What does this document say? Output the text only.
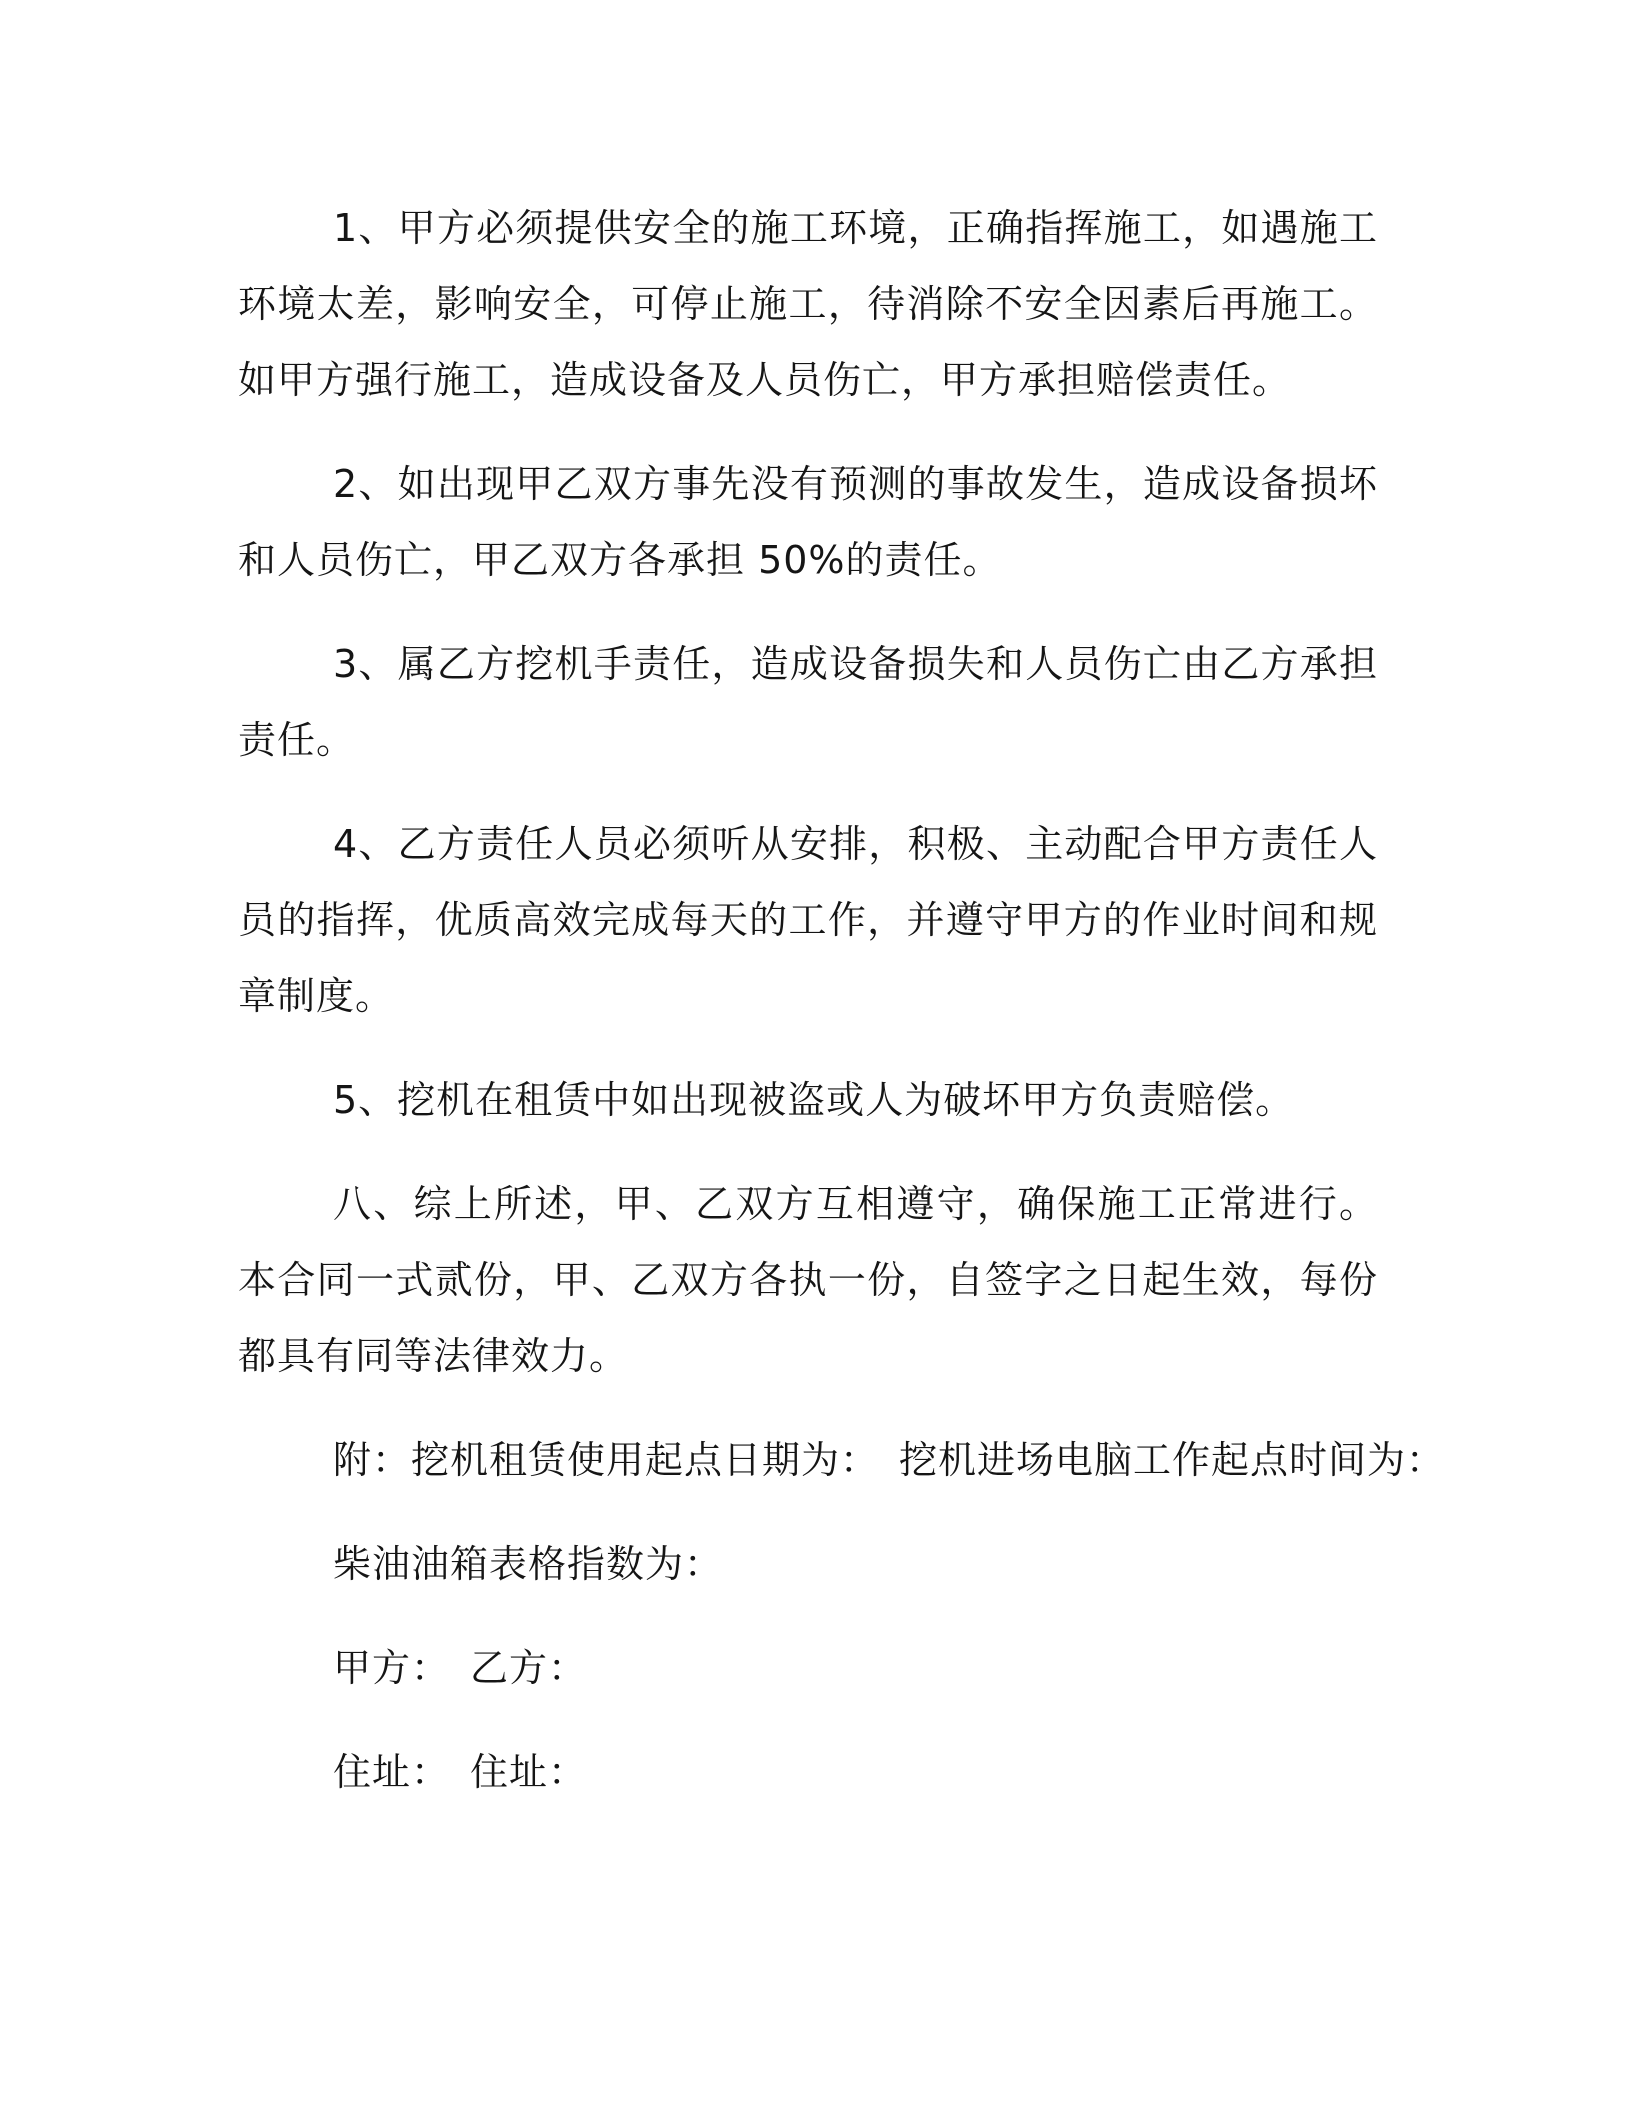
1、甲方必须提供安全的施工环境，正确指挥施工，如遇施工环境太差，影响安全，可停止施工，待消除不安全因素后再施工。如甲方强行施工，造成设备及人员伤亡，甲方承担赔偿责任。

2、如出现甲乙双方事先没有预测的事故发生，造成设备损坏和人员伤亡，甲乙双方各承担 50%的责任。

3、属乙方挖机手责任，造成设备损失和人员伤亡由乙方承担责任。

4、乙方责任人员必须听从安排，积极、主动配合甲方责任人员的指挥，优质高效完成每天的工作，并遵守甲方的作业时间和规章制度。

5、挖机在租赁中如出现被盗或人为破坏甲方负责赔偿。

八、综上所述，甲、乙双方互相遵守，确保施工正常进行。本合同一式贰份，甲、乙双方各执一份，自签字之日起生效，每份都具有同等法律效力。

附：挖机租赁使用起点日期为： 挖机进场电脑工作起点时间为：
柴油油箱表格指数为：
甲方： 乙方：
住址： 住址：
